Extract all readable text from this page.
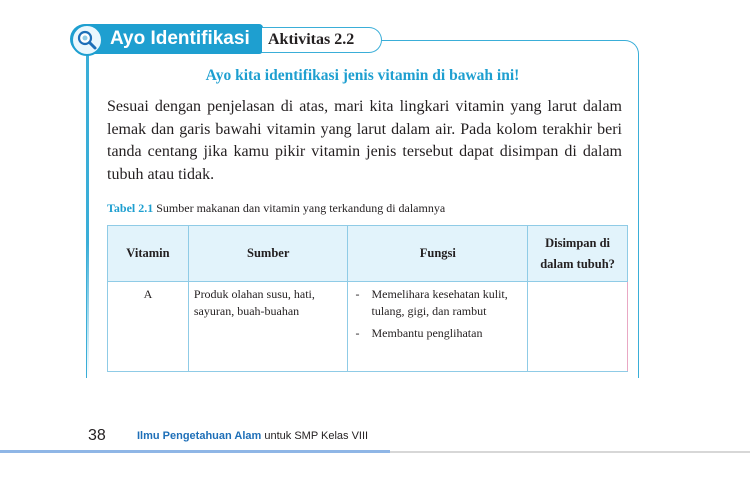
Ayo Identifikasi Aktivitas 2.2
Ayo kita identifikasi jenis vitamin di bawah ini!
Sesuai dengan penjelasan di atas, mari kita lingkari vitamin yang larut dalam lemak dan garis bawahi vitamin yang larut dalam air. Pada kolom terakhir beri tanda centang jika kamu pikir vitamin jenis tersebut dapat disimpan di dalam tubuh atau tidak.
Tabel 2.1 Sumber makanan dan vitamin yang terkandung di dalamnya
Vitamin	Sumber	Fungsi	Disimpan di dalam tubuh?
A	Produk olahan susu, hati, sayuran, buah-buahan	- Memelihara kesehatan kulit, tulang, gigi, dan rambut
- Membantu penglihatan	

38	Ilmu Pengetahuan Alam untuk SMP Kelas VIII
